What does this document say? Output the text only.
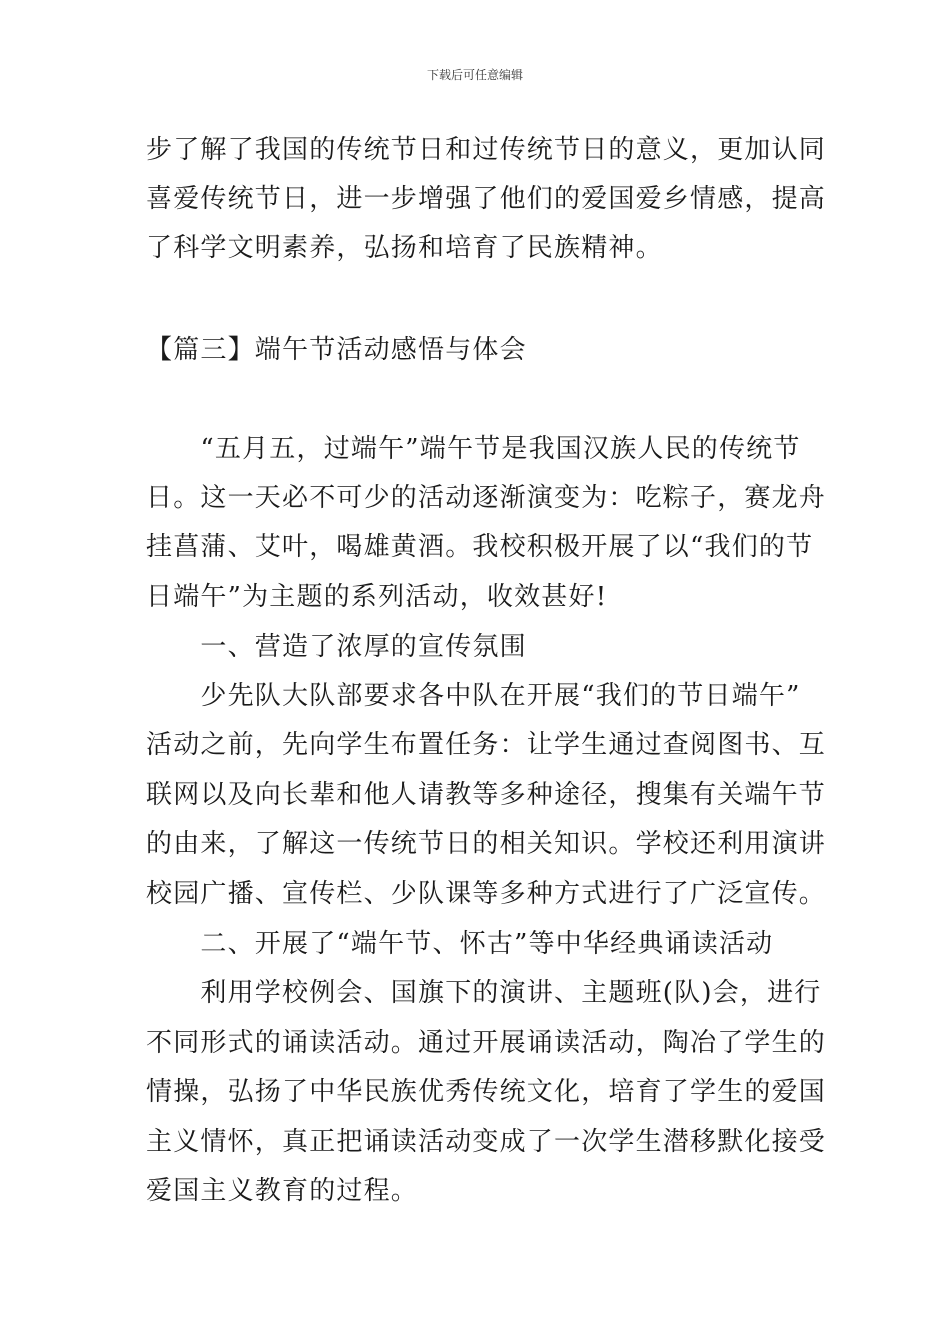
下载后可任意编辑
步了解了我国的传统节日和过传统节日的意义，更加认同
喜爱传统节日，进一步增强了他们的爱国爱乡情感，提高
了科学文明素养，弘扬和培育了民族精神。
【篇三】端午节活动感悟与体会
　　“五月五，过端午”端午节是我国汉族人民的传统节
日。这一天必不可少的活动逐渐演变为：吃粽子，赛龙舟
挂菖蒲、艾叶，喝雄黄酒。我校积极开展了以“我们的节
日端午”为主题的系列活动，收效甚好!
　　一、营造了浓厚的宣传氛围
　　少先队大队部要求各中队在开展“我们的节日端午”
活动之前，先向学生布置任务：让学生通过查阅图书、互
联网以及向长辈和他人请教等多种途径，搜集有关端午节
的由来，了解这一传统节日的相关知识。学校还利用演讲
校园广播、宣传栏、少队课等多种方式进行了广泛宣传。
　　二、开展了“端午节、怀古”等中华经典诵读活动
　　利用学校例会、国旗下的演讲、主题班(队)会，进行
不同形式的诵读活动。通过开展诵读活动，陶冶了学生的
情操，弘扬了中华民族优秀传统文化，培育了学生的爱国
主义情怀，真正把诵读活动变成了一次学生潜移默化接受
爱国主义教育的过程。
